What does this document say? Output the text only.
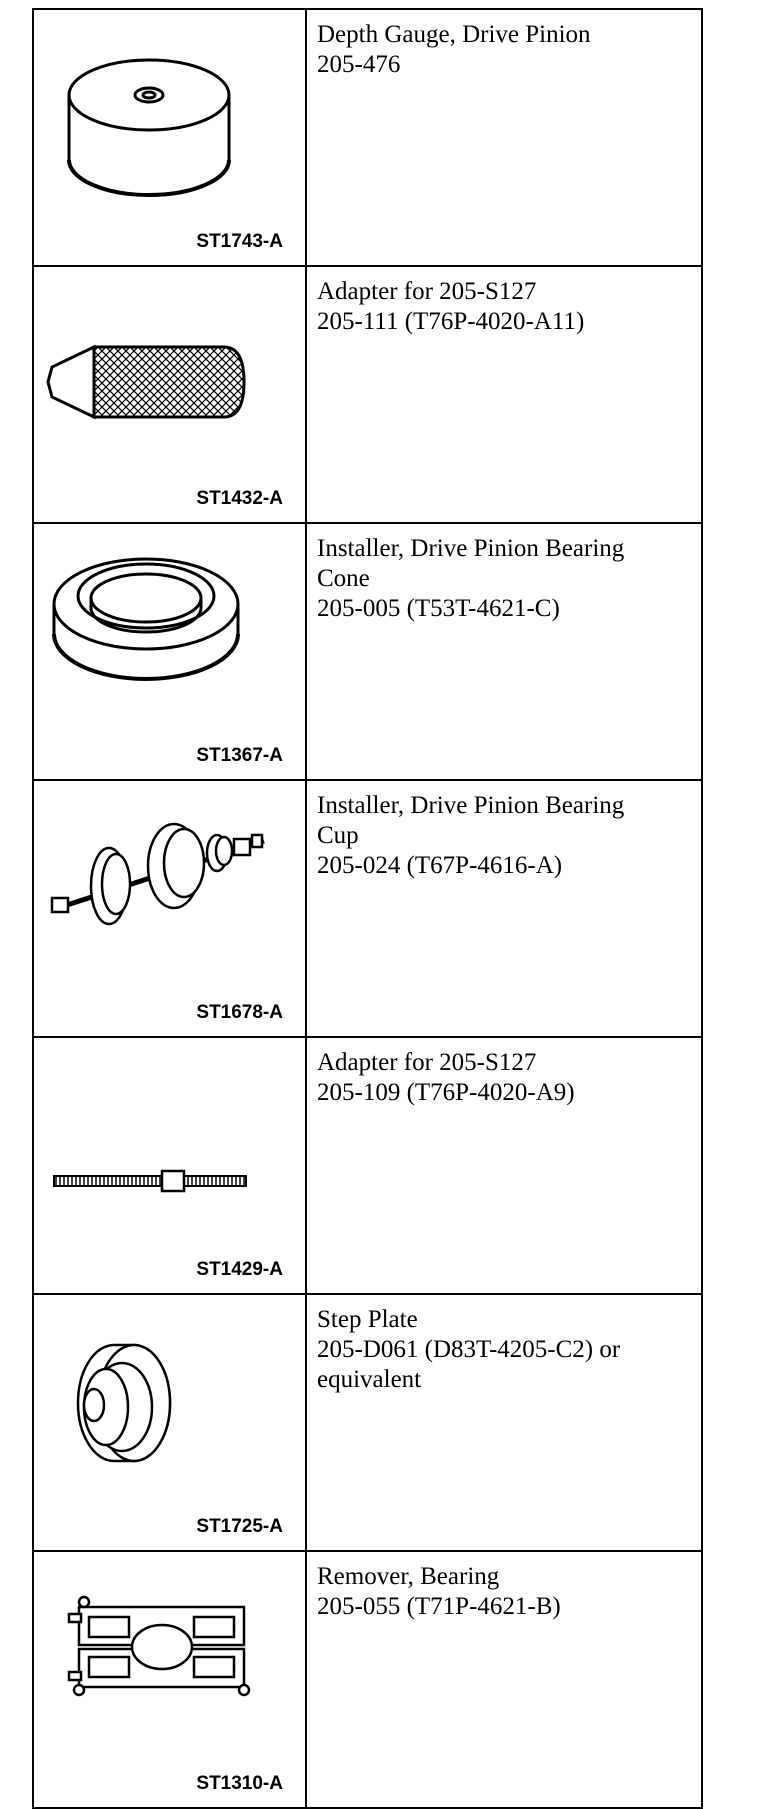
ST1743-A	Depth Gauge, Drive Pinion

205-476

ST1432-A	Adapter for 205-S127

205-111 (T76P-4020-A11)

ST1367-A	Installer, Drive Pinion Bearing

Cone

205-005 (T53T-4621-C)

ST1678-A	Installer, Drive Pinion Bearing

Cup

205-024 (T67P-4616-A)

ST1429-A	Adapter for 205-S127

205-109 (T76P-4020-A9)

ST1725-A	Step Plate

205-D061 (D83T-4205-C2) or

equivalent

ST1310-A	Remover, Bearing

205-055 (T71P-4621-B)
